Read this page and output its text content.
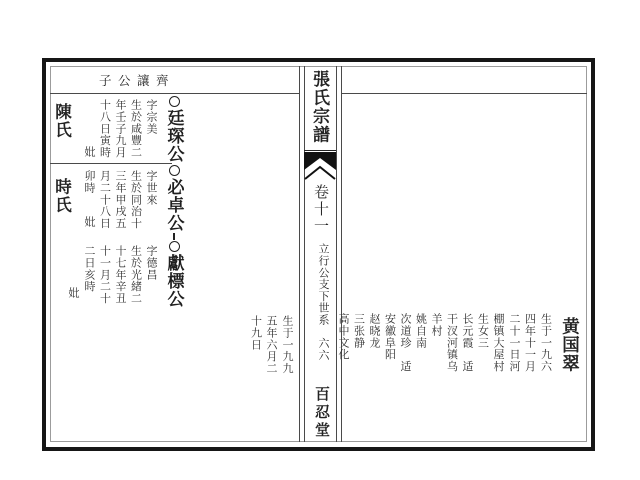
張氏宗譜
卷十一
立行公支下世系　六六
百忍堂
子公讓齊
廷琛公
必卓公
獻標公
陳氏
時氏
字宗美
生於咸豐二
年壬子九月
十八日寅時
妣
字世來
生於同治十
三年甲戌五
月二十八日
卯時
妣
字德昌
生於光緒二
十七年辛丑
十一月二十
二日亥時
妣
生于一九九
五年六月二
十九日	黄国翠
生于一九六
四年十一月
二十一日河
棚镇大屋村
生女三
长元霞　适
干汊河镇乌
羊村
姚自南
次道珍　适
安徽阜阳
赵晓龙
三张静
高中文化
